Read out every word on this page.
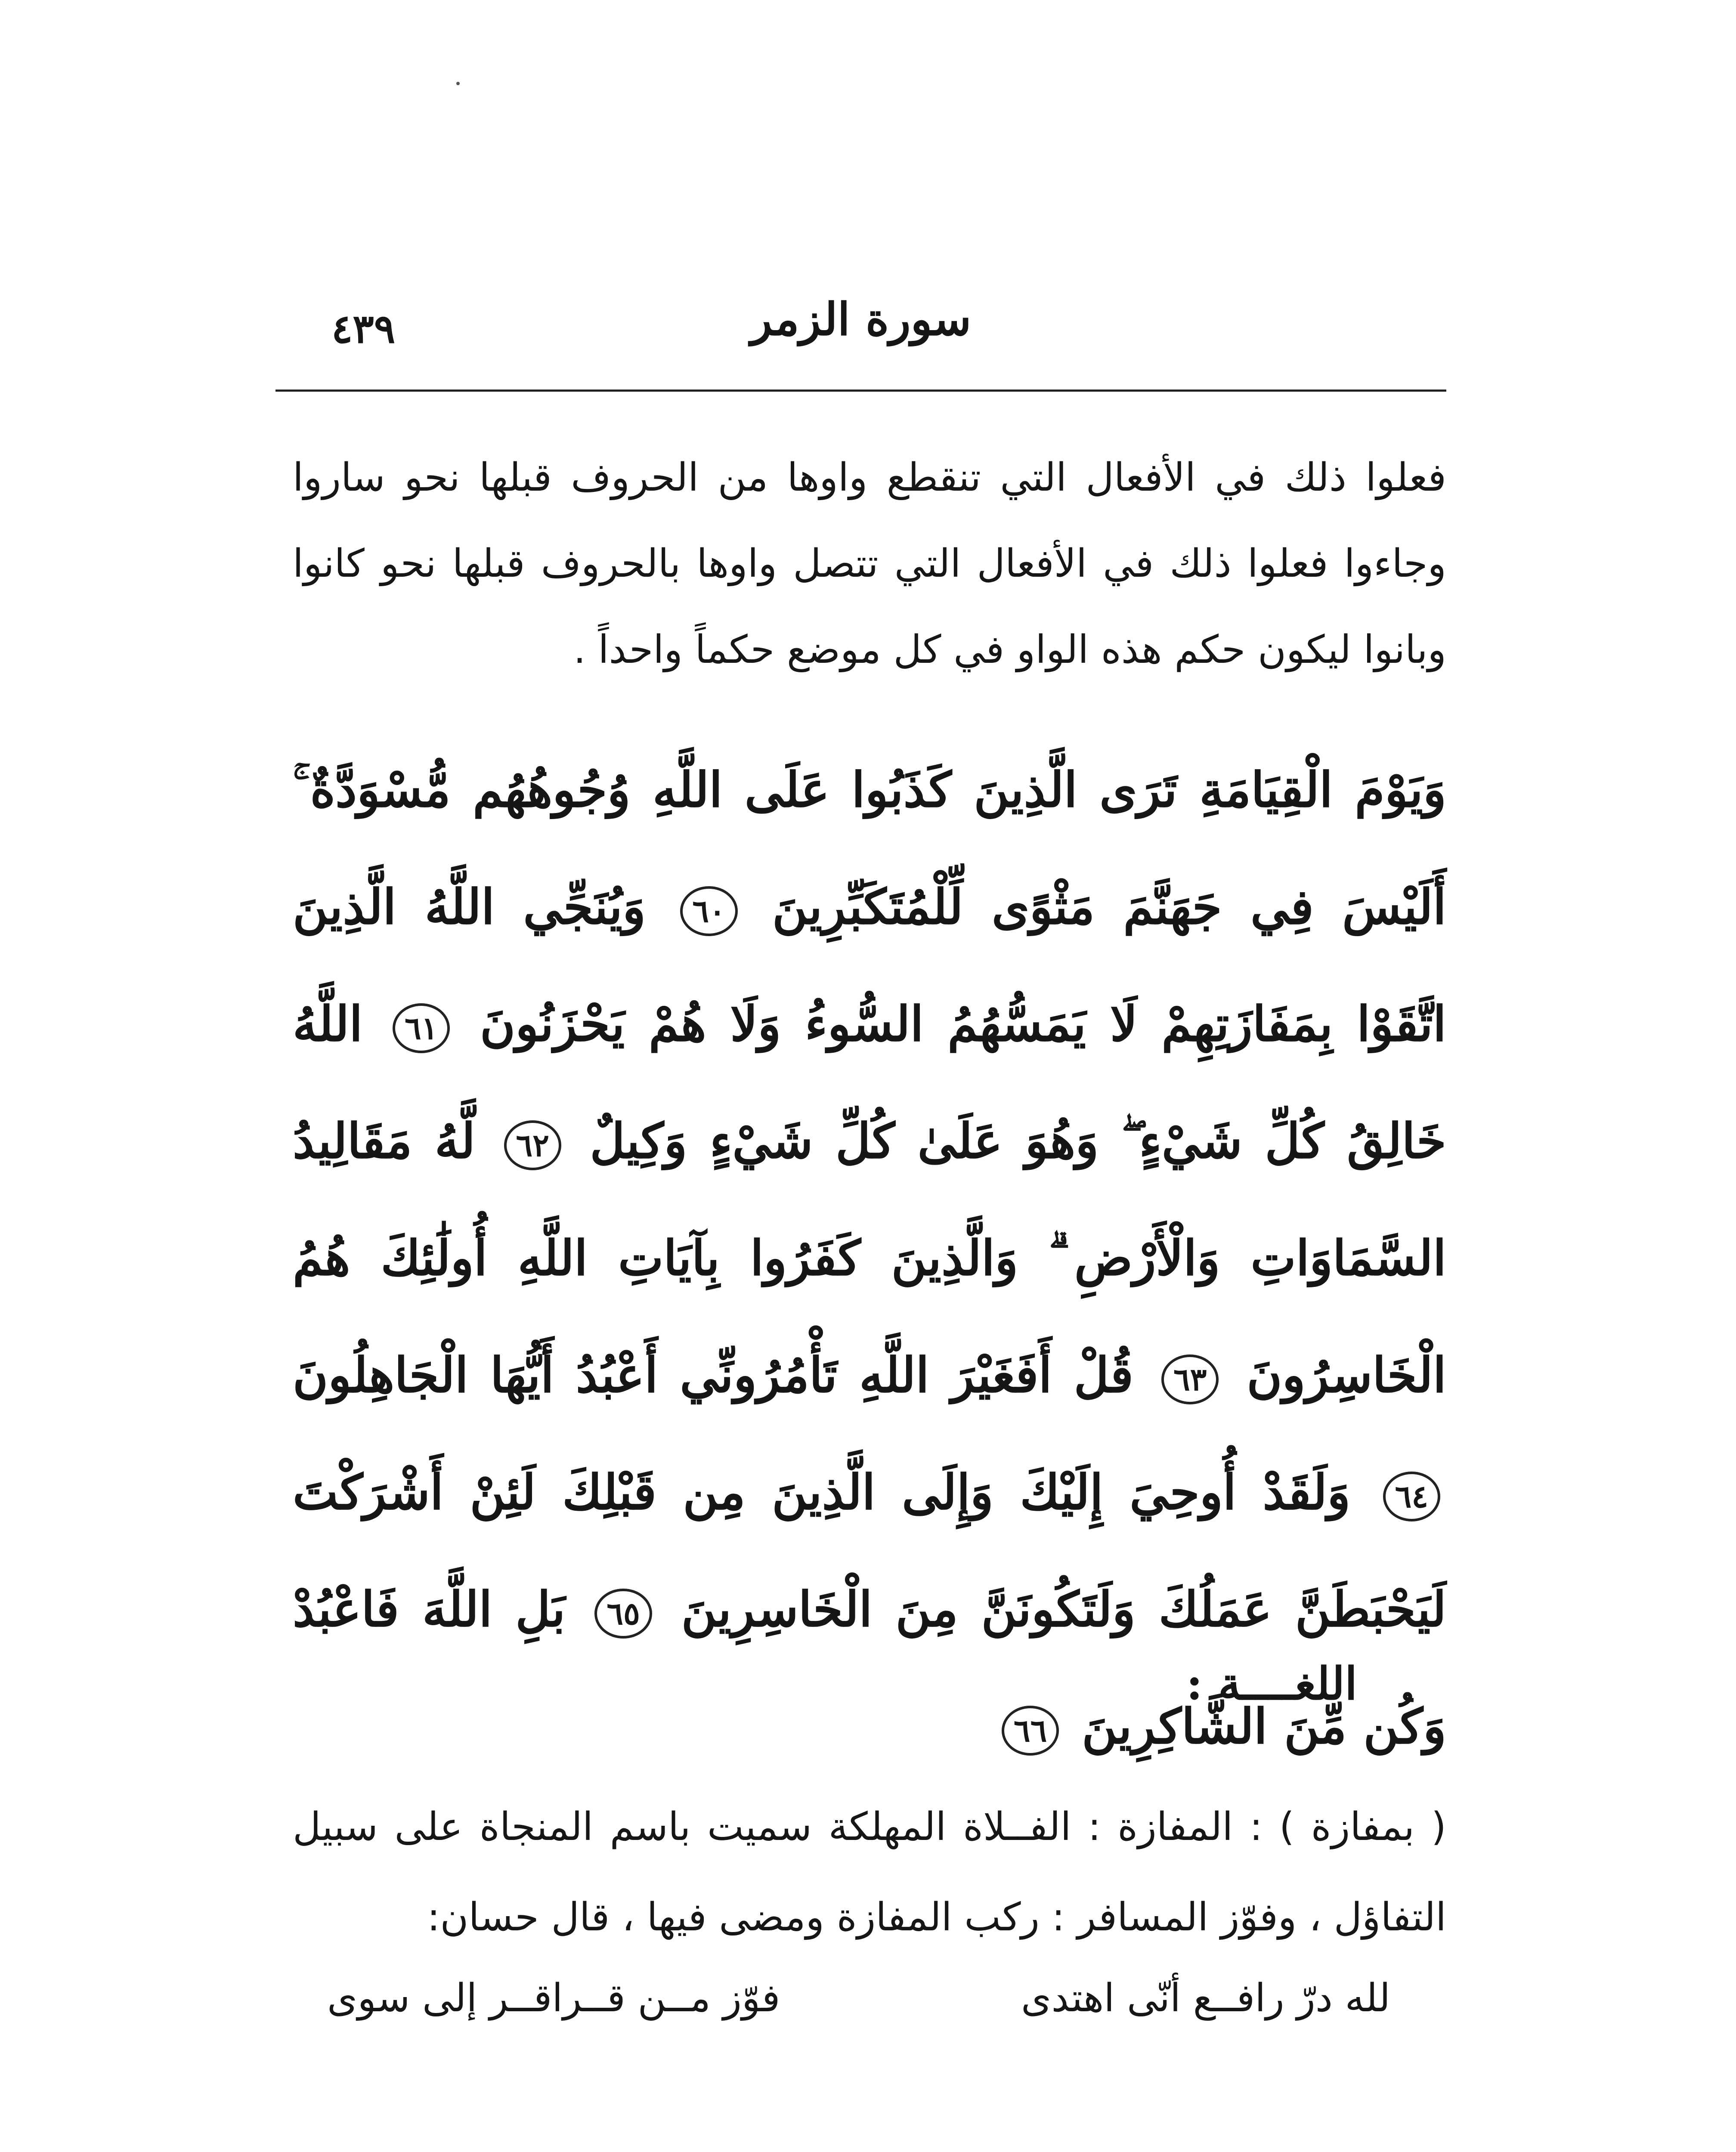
سورة الزمر
٤٣٩
فعلوا ذلك في الأفعال التي تنقطع واوها من الحروف قبلها نحو ساروا وجاءوا فعلوا ذلك في الأفعال التي تتصل واوها بالحروف قبلها نحو كانوا وبانوا ليكون حكم هذه الواو في كل موضع حكماً واحداً .
وَيَوْمَ الْقِيَامَةِ تَرَى الَّذِينَ كَذَبُوا عَلَى اللَّهِ وُجُوهُهُم مُّسْوَدَّةٌ ۚ أَلَيْسَ فِي جَهَنَّمَ مَثْوًى لِّلْمُتَكَبِّرِينَ ٦٠ وَيُنَجِّي اللَّهُ الَّذِينَ اتَّقَوْا بِمَفَازَتِهِمْ لَا يَمَسُّهُمُ السُّوءُ وَلَا هُمْ يَحْزَنُونَ ٦١ اللَّهُ خَالِقُ كُلِّ شَيْءٍ ۖ وَهُوَ عَلَىٰ كُلِّ شَيْءٍ وَكِيلٌ ٦٢ لَّهُ مَقَالِيدُ السَّمَاوَاتِ وَالْأَرْضِ ۗ وَالَّذِينَ كَفَرُوا بِآيَاتِ اللَّهِ أُولَٰئِكَ هُمُ الْخَاسِرُونَ ٦٣ قُلْ أَفَغَيْرَ اللَّهِ تَأْمُرُونِّي أَعْبُدُ أَيُّهَا الْجَاهِلُونَ ٦٤ وَلَقَدْ أُوحِيَ إِلَيْكَ وَإِلَى الَّذِينَ مِن قَبْلِكَ لَئِنْ أَشْرَكْتَ لَيَحْبَطَنَّ عَمَلُكَ وَلَتَكُونَنَّ مِنَ الْخَاسِرِينَ ٦٥ بَلِ اللَّهَ فَاعْبُدْ وَكُن مِّنَ الشَّاكِرِينَ ٦٦
اللغــــة :
( بمفازة ) : المفازة : الفــلاة المهلكة سميت باسم المنجاة على سبيل التفاؤل ، وفوّز المسافر : ركب المفازة ومضى فيها ، قال حسان:
لله درّ رافــع أنّى اهتدى
فوّز مــن قــراقــر إلى سوى
